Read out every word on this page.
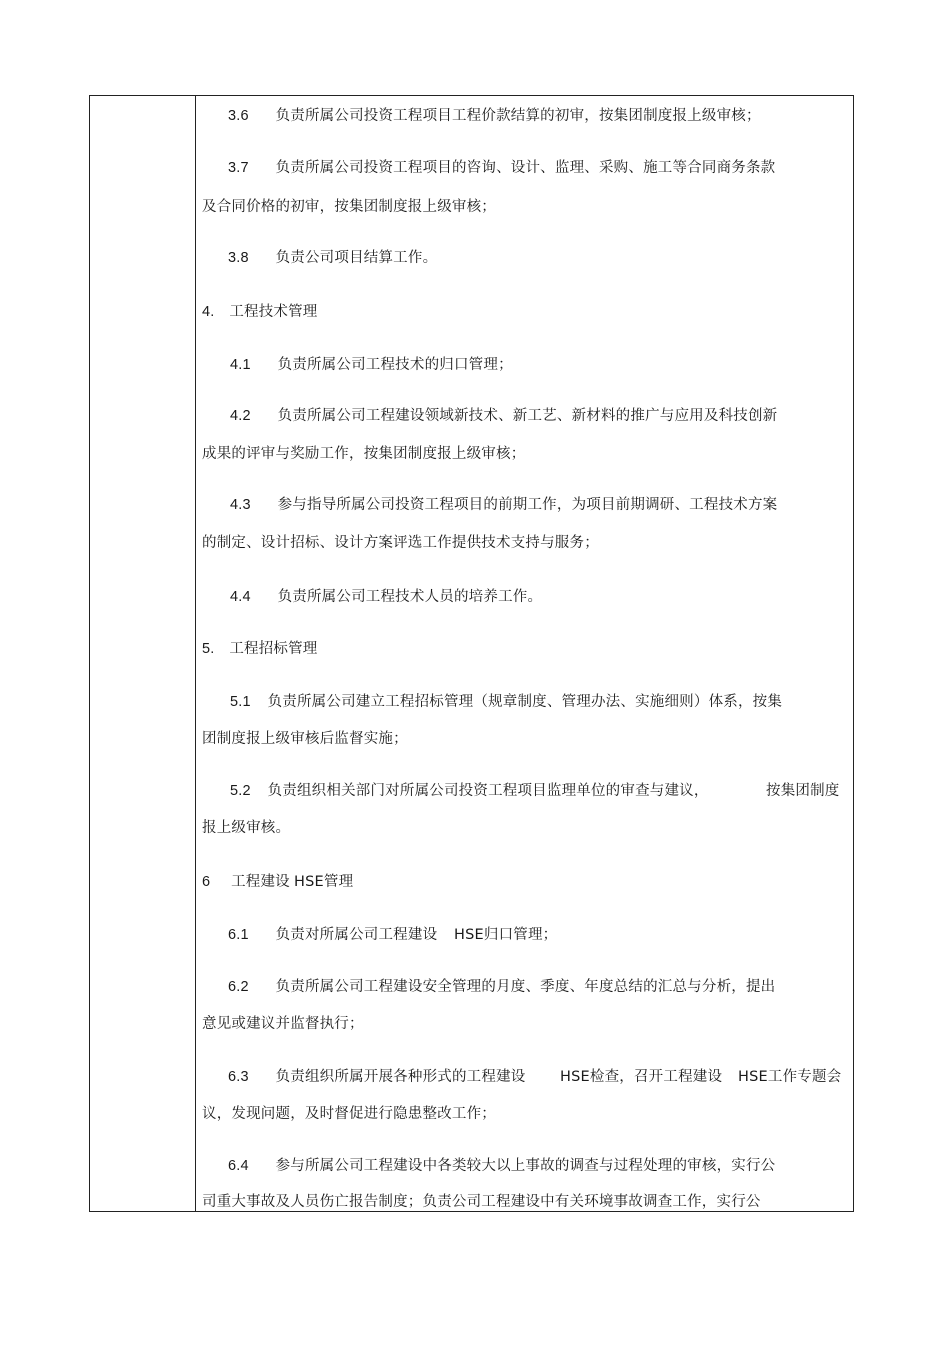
3.6 负责所属公司投资工程项目工程价款结算的初审，按集团制度报上级审核；
3.7 负责所属公司投资工程项目的咨询、设计、监理、采购、施工等合同商务条款
及合同价格的初审，按集团制度报上级审核；
3.8 负责公司项目结算工作。
4. 工程技术管理
4.1 负责所属公司工程技术的归口管理；
4.2 负责所属公司工程建设领域新技术、新工艺、新材料的推广与应用及科技创新
成果的评审与奖励工作，按集团制度报上级审核；
4.3 参与指导所属公司投资工程项目的前期工作，为项目前期调研、工程技术方案
的制定、设计招标、设计方案评选工作提供技术支持与服务；
4.4 负责所属公司工程技术人员的培养工作。
5. 工程招标管理
5.1 负责所属公司建立工程招标管理（规章制度、管理办法、实施细则）体系，按集
团制度报上级审核后监督实施；
5.2 负责组织相关部门对所属公司投资工程项目监理单位的审查与建议，	按集团制度
报上级审核。
6 工程建设 HSE管理
6.1 负责对所属公司工程建设 HSE归口管理；
6.2 负责所属公司工程建设安全管理的月度、季度、年度总结的汇总与分析，提出
意见或建议并监督执行；
6.3 负责组织所属开展各种形式的工程建设 HSE检查，召开工程建设 HSE工作专题会
议，发现问题，及时督促进行隐患整改工作；
6.4 参与所属公司工程建设中各类较大以上事故的调查与过程处理的审核，实行公
司重大事故及人员伤亡报告制度；负责公司工程建设中有关环境事故调查工作，实行公
